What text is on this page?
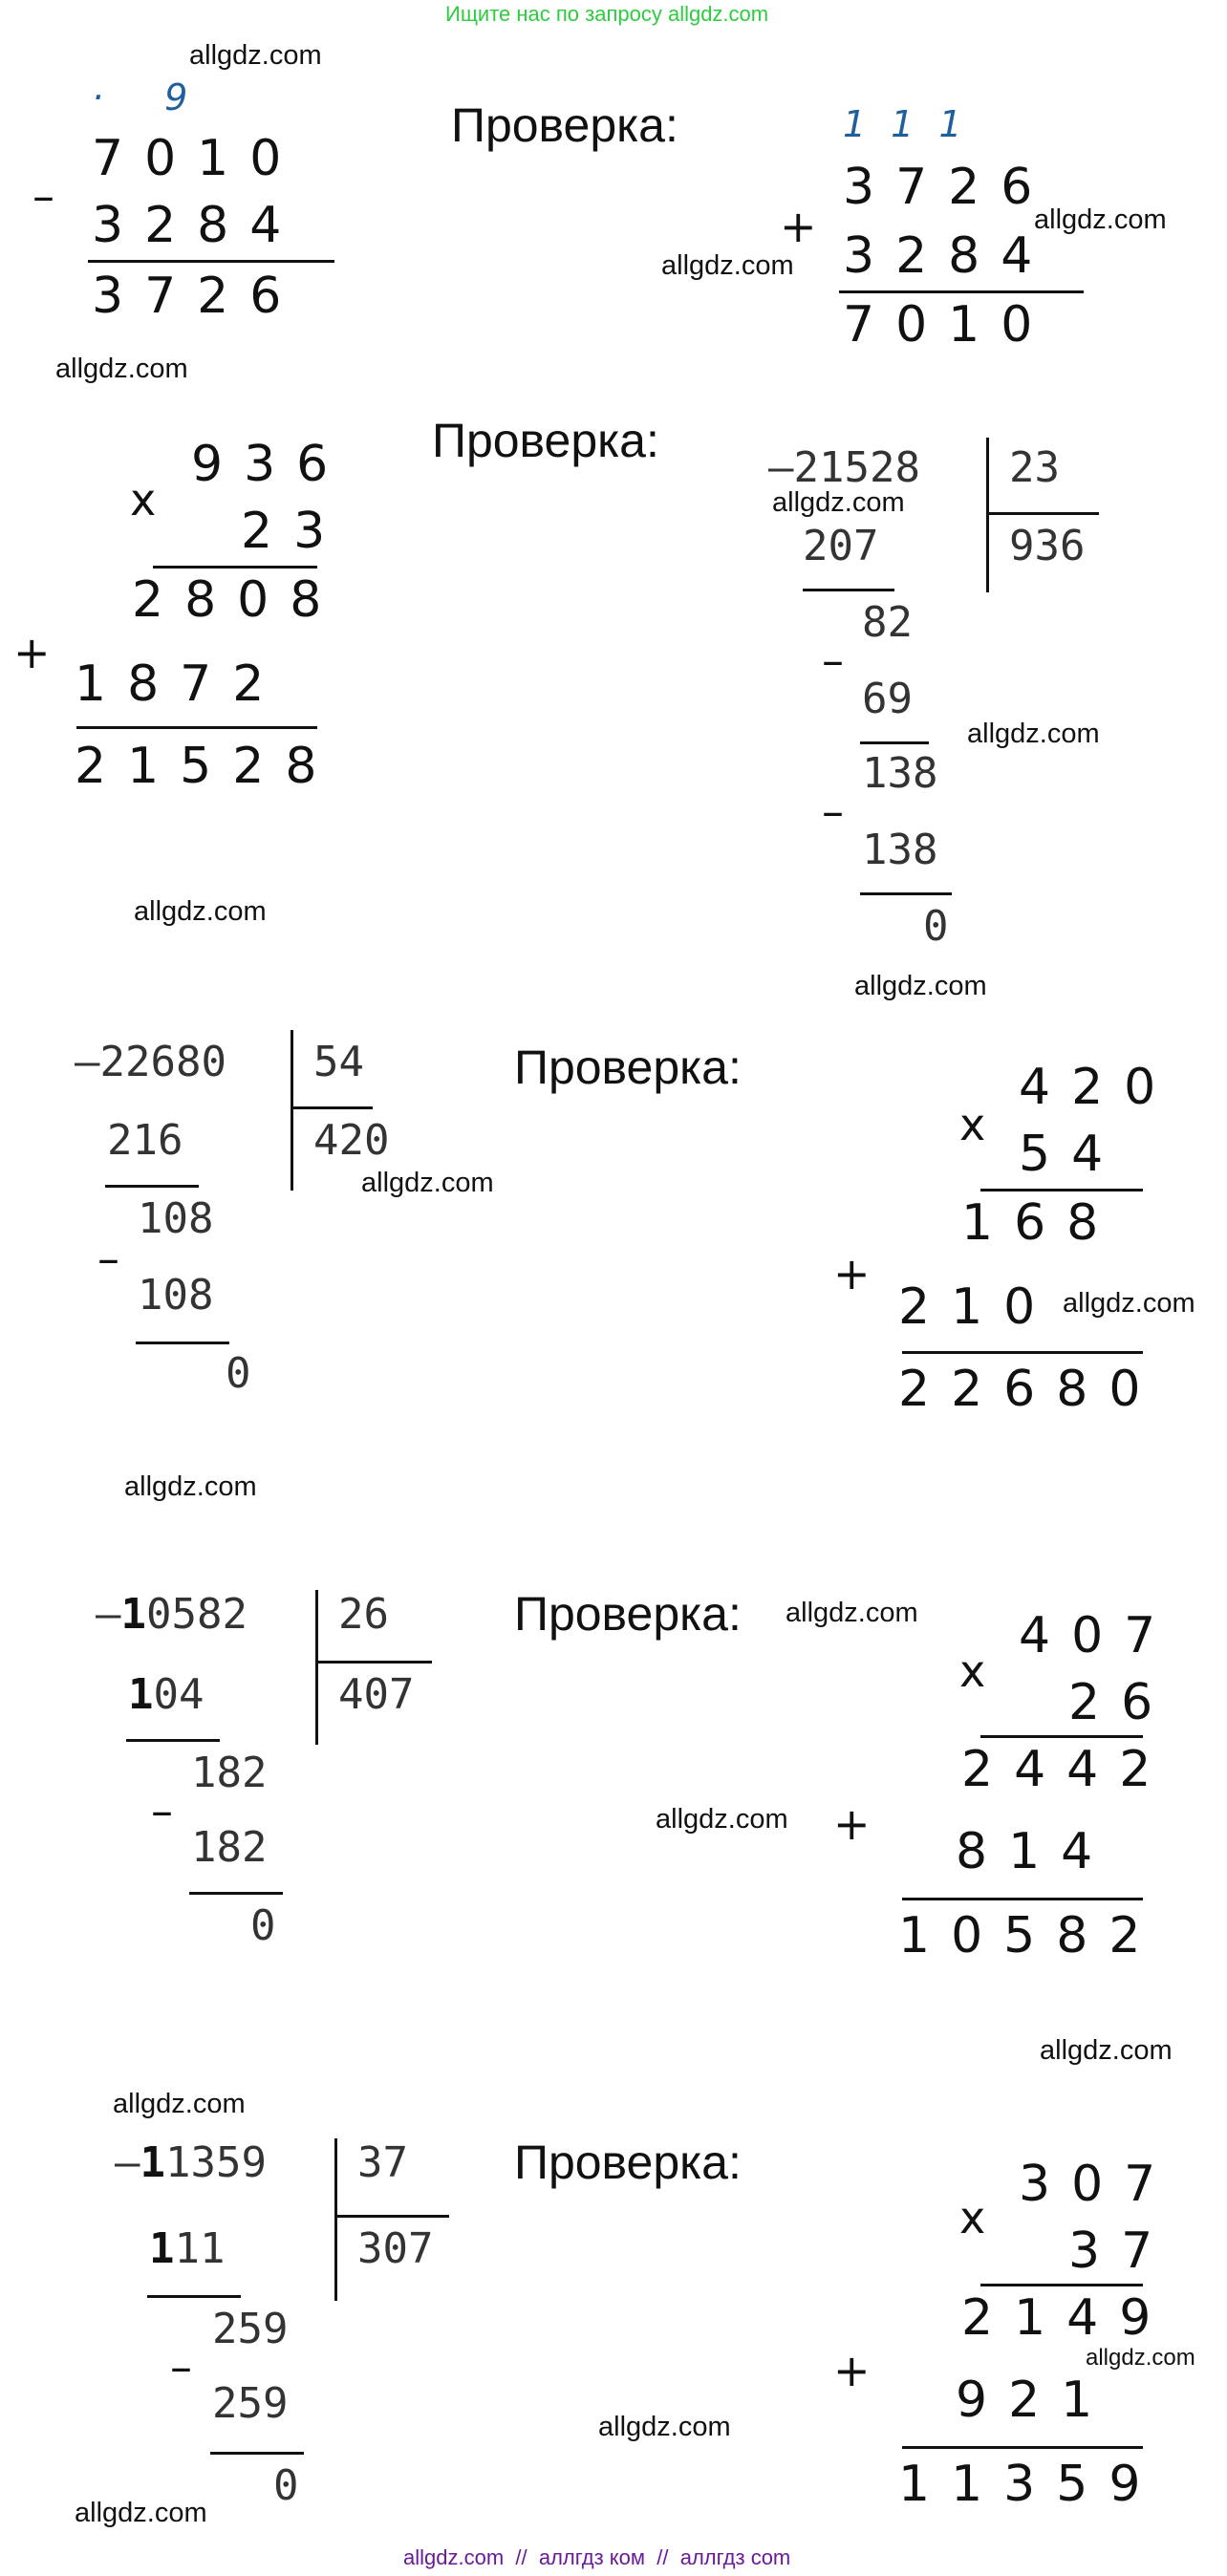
Ищите нас по запросу allgdz.com
allgdz.com
· 9
–
7010
3284
3726
allgdz.com
Проверка:	111
3726
allgdz.com
+
allgdz.com 3284
7010
x
936
23
2808
+
1872
21528
allgdz.com
Проверка:
–21528 23
936
allgdz.com
207
82
–
69
allgdz.com
138
–
138
0
allgdz.com
–22680 54
420
allgdz.com
216
108
–
108
0
allgdz.com
Проверка:
x
420
54
168
+
210 allgdz.com
22680
–10582 26
407
104
182
–
182
0
Проверка: allgdz.com
x
407
26
2442
allgdz.com + 814
10582
allgdz.com
allgdz.com
–11359 37
307
111
259
–
259
0
allgdz.com
Проверка:
x
307
37
2149
allgdz.com
+
921
allgdz.com
11359
allgdz.com  //  аллгдз ком  //  аллгдз com
